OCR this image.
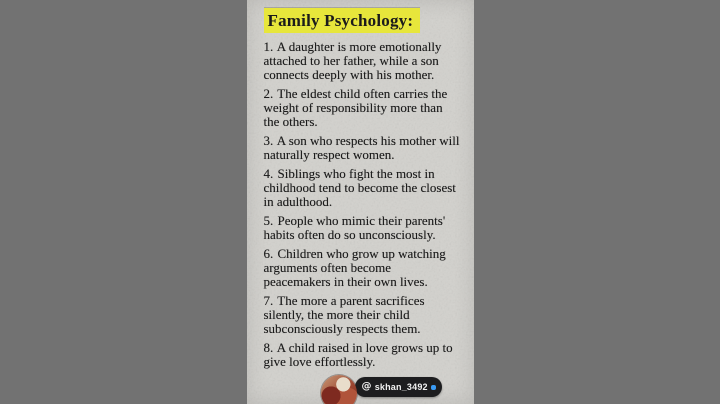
Family Psychology:

1. A daughter is more emotionally attached to her father, while a son connects deeply with his mother.

2. The eldest child often carries the weight of responsibility more than the others.

3. A son who respects his mother will naturally respect women.

4. Siblings who fight the most in childhood tend to become the closest in adulthood.

5. People who mimic their parents' habits often do so unconsciously.

6. Children who grow up watching arguments often become peacemakers in their own lives.

7. The more a parent sacrifices silently, the more their child subconsciously respects them.

8. A child raised in love grows up to give love effortlessly.

@ skhan_3492
